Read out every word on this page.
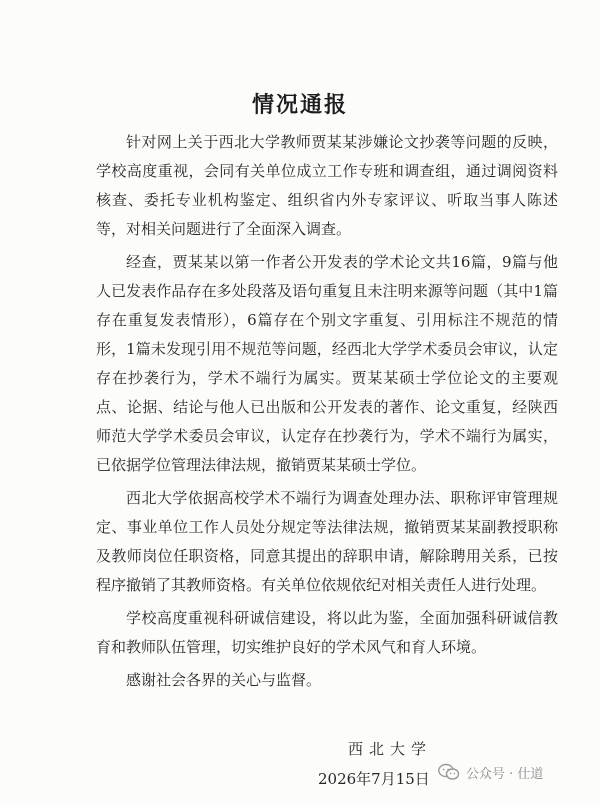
情况通报

针对网上关于西北大学教师贾某某涉嫌论文抄袭等问题的反映，学校高度重视，会同有关单位成立工作专班和调查组，通过调阅资料核查、委托专业机构鉴定、组织省内外专家评议、听取当事人陈述等，对相关问题进行了全面深入调查。

经查，贾某某以第一作者公开发表的学术论文共16篇，9篇与他人已发表作品存在多处段落及语句重复且未注明来源等问题（其中1篇存在重复发表情形），6篇存在个别文字重复、引用标注不规范的情形，1篇未发现引用不规范等问题，经西北大学学术委员会审议，认定存在抄袭行为，学术不端行为属实。贾某某硕士学位论文的主要观点、论据、结论与他人已出版和公开发表的著作、论文重复，经陕西师范大学学术委员会审议，认定存在抄袭行为，学术不端行为属实，已依据学位管理法律法规，撤销贾某某硕士学位。

西北大学依据高校学术不端行为调查处理办法、职称评审管理规定、事业单位工作人员处分规定等法律法规，撤销贾某某副教授职称及教师岗位任职资格，同意其提出的辞职申请，解除聘用关系，已按程序撤销了其教师资格。有关单位依规依纪对相关责任人进行处理。

学校高度重视科研诚信建设，将以此为鉴，全面加强科研诚信教育和教师队伍管理，切实维护良好的学术风气和育人环境。

感谢社会各界的关心与监督。

西北大学
2026年7月15日	公众号 · 仕道
